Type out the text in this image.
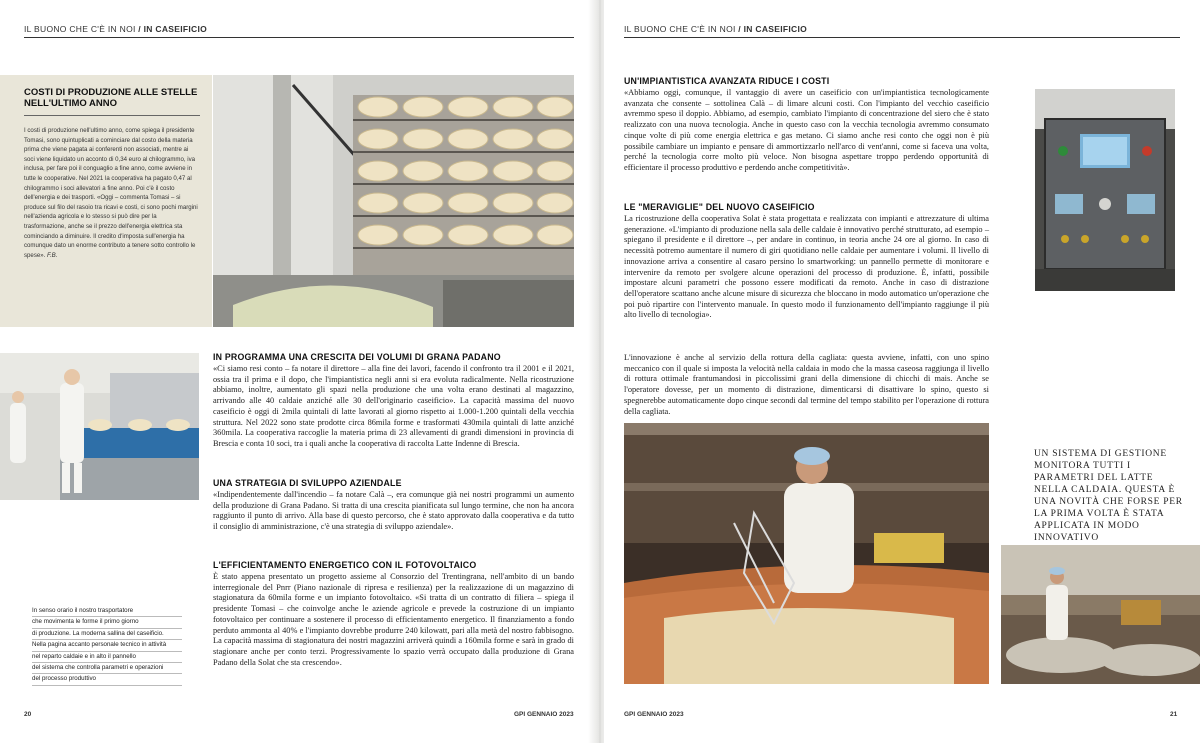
IL BUONO CHE C'È IN NOI / IN CASEIFICIO
COSTI DI PRODUZIONE ALLE STELLE NELL'ULTIMO ANNO

I costi di produzione nell'ultimo anno, come spiega il presidente Tomasi, sono quintuplicati a cominciare dal costo della materia prima che viene pagata ai conferenti non associati, mentre ai soci viene liquidato un acconto di 0,34 euro al chilogrammo, iva inclusa, per fare poi il conguaglio a fine anno, come avviene in tutte le cooperative. Nel 2021 la cooperativa ha pagato 0,47 al chilogrammo i soci allevatori a fine anno. Poi c'è il costo dell'energia e dei trasporti. «Oggi – commenta Tomasi – si produce sul filo del rasoio tra ricavi e costi, ci sono pochi margini nell'azienda agricola e lo stesso si può dire per la trasformazione, anche se il prezzo dell'energia elettrica sta cominciando a diminuire. Il credito d'imposta sull'energia ha comunque dato un enorme contributo a tenere sotto controllo le spese». F.B.

IN PROGRAMMA UNA CRESCITA DEI VOLUMI DI GRANA PADANO

«Ci siamo resi conto – fa notare il direttore – alla fine dei lavori, facendo il confronto tra il 2001 e il 2021, ossia tra il prima e il dopo, che l'impiantistica negli anni si era evoluta radicalmente. Nella ricostruzione abbiamo, inoltre, aumentato gli spazi nella produzione che una volta erano destinati al magazzino, arrivando alle 40 caldaie anziché alle 30 dell'originario caseificio». La capacità massima del nuovo caseificio è oggi di 2mila quintali di latte lavorati al giorno rispetto ai 1.000-1.200 quintali della vecchia struttura. Nel 2022 sono state prodotte circa 86mila forme e trasformati 430mila quintali di latte anziché 360mila. La cooperativa raccoglie la materia prima di 23 allevamenti di grandi dimensioni in provincia di Brescia e conta 10 soci, tra i quali anche la cooperativa di raccolta Latte Indenne di Brescia.

UNA STRATEGIA DI SVILUPPO AZIENDALE

«Indipendentemente dall'incendio – fa notare Calà –, era comunque già nei nostri programmi un aumento della produzione di Grana Padano. Si tratta di una crescita pianificata sul lungo termine, che non ha ancora raggiunto il punto di arrivo. Alla base di questo percorso, che è stato approvato dalla cooperativa e da tutto il consiglio di amministrazione, c'è una strategia di sviluppo aziendale».

L'EFFICIENTAMENTO ENERGETICO CON IL FOTOVOLTAICO

È stato appena presentato un progetto assieme al Consorzio del Trentingrana, nell'ambito di un bando interregionale del Pnrr (Piano nazionale di ripresa e resilienza) per la realizzazione di un magazzino di stagionatura da 60mila forme e un impianto fotovoltaico. «Si tratta di un contratto di filiera – spiega il presidente Tomasi – che coinvolge anche le aziende agricole e prevede la costruzione di un impianto fotovoltaico per continuare a sostenere il processo di efficientamento energetico. Il finanziamento a fondo perduto ammonta al 40% e l'impianto dovrebbe produrre 240 kilowatt, pari alla metà del nostro fabbisogno. La capacità massima di stagionatura dei nostri magazzini arriverà quindi a 160mila forme e sarà in grado di stagionare anche per conto terzi. Progressivamente lo spazio verrà occupato dalla produzione di Grana Padano della Solat che sta crescendo».

In senso orario il nostro trasportatore
che movimenta le forme il primo giorno
di produzione. La moderna sallina del caseificio.
Nella pagina accanto personale tecnico in attività
nel reparto caldaie e in alto il pannello
del sistema che controlla parametri e operazioni
del processo produttivo
20	GPI GENNAIO 2023
IL BUONO CHE C'È IN NOI / IN CASEIFICIO
UN'IMPIANTISTICA AVANZATA RIDUCE I COSTI

«Abbiamo oggi, comunque, il vantaggio di avere un caseificio con un'impiantistica tecnologicamente avanzata che consente – sottolinea Calà – di limare alcuni costi. Con l'impianto del vecchio caseificio avremmo speso il doppio. Abbiamo, ad esempio, cambiato l'impianto di concentrazione del siero che è stato realizzato con una nuova tecnologia. Anche in questo caso con la vecchia tecnologia avremmo consumato cinque volte di più come energia elettrica e gas metano. Ci siamo anche resi conto che oggi non è più possibile cambiare un impianto e pensare di ammortizzarlo nell'arco di vent'anni, come si faceva una volta, perché la tecnologia corre molto più veloce. Non bisogna aspettare troppo perdendo opportunità di efficientare il processo produttivo e perdendo anche competitività».

LE "MERAVIGLIE" DEL NUOVO CASEIFICIO

La ricostruzione della cooperativa Solat è stata progettata e realizzata con impianti e attrezzature di ultima generazione. «L'impianto di produzione nella sala delle caldaie è innovativo perché strutturato, ad esempio – spiegano il presidente e il direttore –, per andare in continuo, in teoria anche 24 ore al giorno. In caso di necessità potremo aumentare il numero di giri quotidiano nelle caldaie per aumentare i volumi. Il livello di innovazione arriva a consentire al casaro persino lo smartworking: un pannello permette di monitorare e intervenire da remoto per svolgere alcune operazioni del processo di produzione. È, infatti, possibile impostare alcuni parametri che possono essere modificati da remoto. Anche in caso di distrazione dell'operatore scattano anche alcune misure di sicurezza che bloccano in modo automatico un'operazione che poi può ripartire con l'intervento manuale. In questo modo il funzionamento dell'impianto raggiunge il più alto livello di tecnologia».

L'innovazione è anche al servizio della rottura della cagliata: questa avviene, infatti, con uno spino meccanico con il quale si imposta la velocità nella caldaia in modo che la massa caseosa raggiunga il livello di rottura ottimale frantumandosi in piccolissimi grani della dimensione di chicchi di mais. Anche se l'operatore dovesse, per un momento di distrazione, dimenticarsi di disattivare lo spino, questo si spegnerebbe automaticamente dopo cinque secondi dal termine del tempo stabilito per l'operazione di rottura della cagliata.

UN SISTEMA DI GESTIONE MONITORA TUTTI I PARAMETRI DEL LATTE NELLA CALDAIA. QUESTA È UNA NOVITÀ CHE FORSE PER LA PRIMA VOLTA È STATA APPLICATA IN MODO INNOVATIVO
GPI GENNAIO 2023	21
